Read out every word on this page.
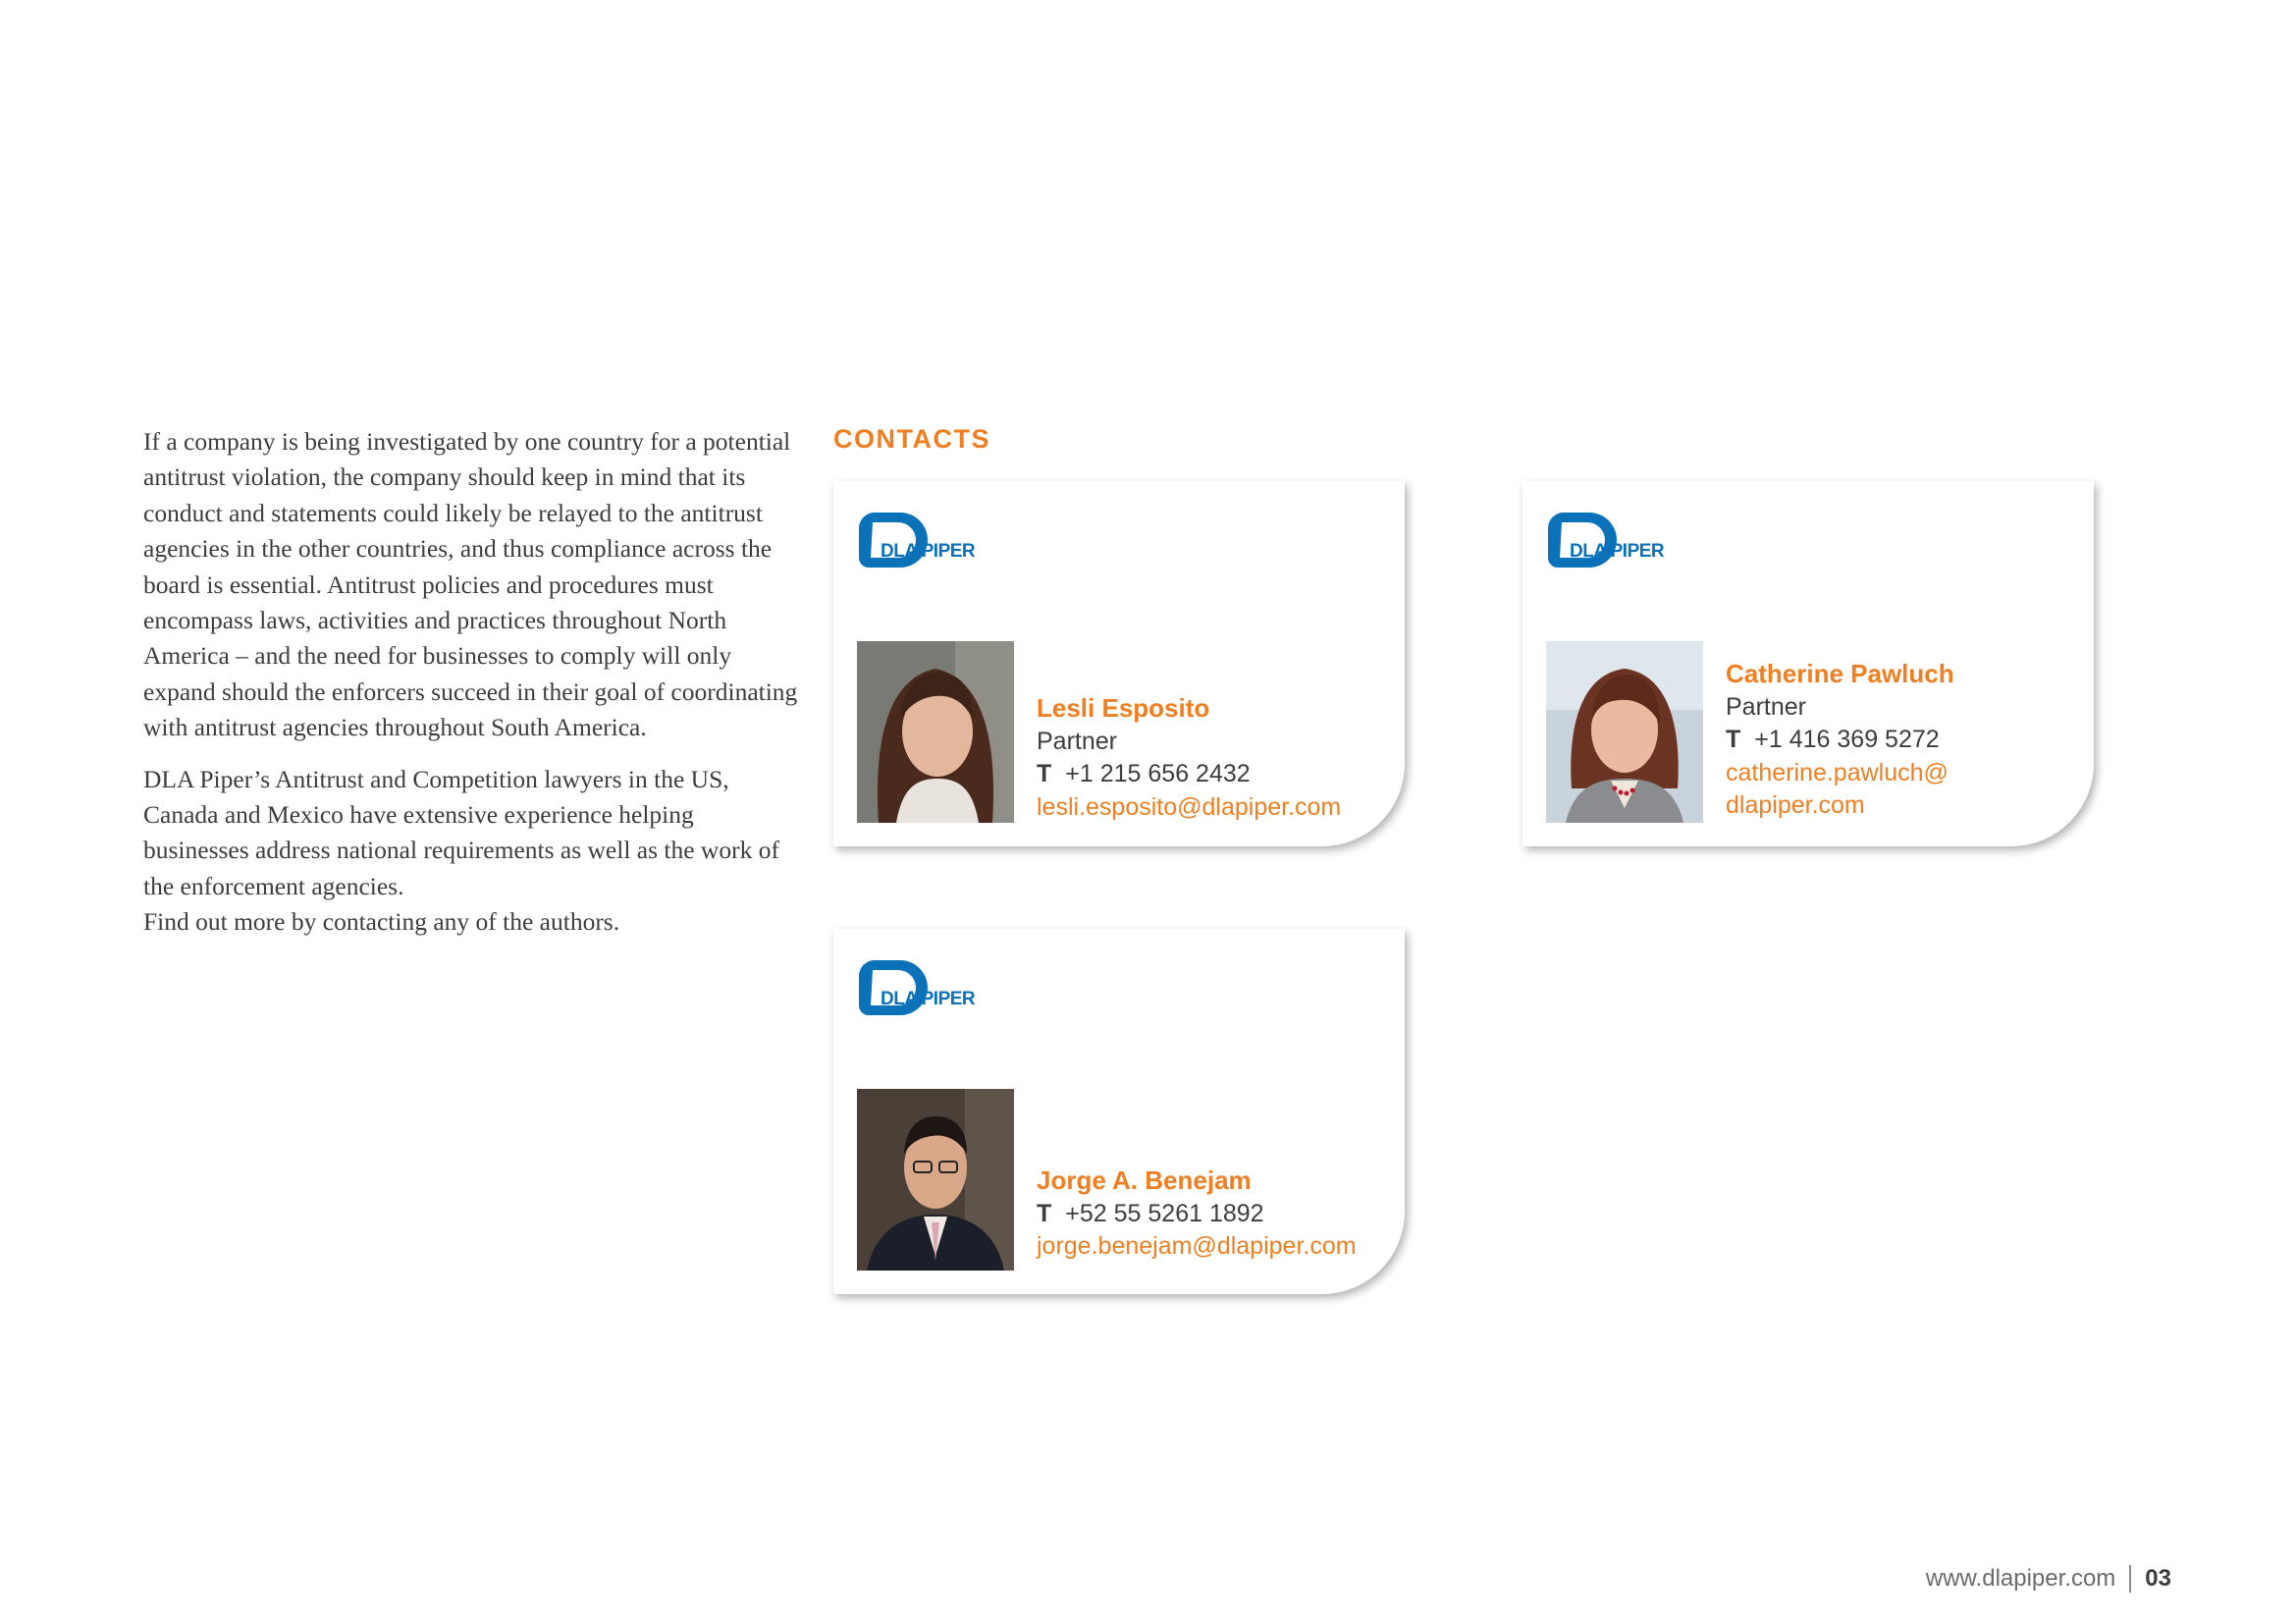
If a company is being investigated by one country for a potential antitrust violation, the company should keep in mind that its conduct and statements could likely be relayed to the antitrust agencies in the other countries, and thus compliance across the board is essential. Antitrust policies and procedures must encompass laws, activities and practices throughout North America – and the need for businesses to comply will only expand should the enforcers succeed in their goal of coordinating with antitrust agencies throughout South America.

DLA Piper’s Antitrust and Competition lawyers in the US, Canada and Mexico have extensive experience helping businesses address national requirements as well as the work of the enforcement agencies.
Find out more by contacting any of the authors.

CONTACTS
DLA PIPER
Lesli Esposito
Partner
T +1 215 656 2432
lesli.esposito@dlapiper.com
DLA PIPER
Catherine Pawluch
Partner
T +1 416 369 5272
catherine.pawluch@
dlapiper.com
DLA PIPER
Jorge A. Benejam
T +52 55 5261 1892
jorge.benejam@dlapiper.com
www.dlapiper.com 03
